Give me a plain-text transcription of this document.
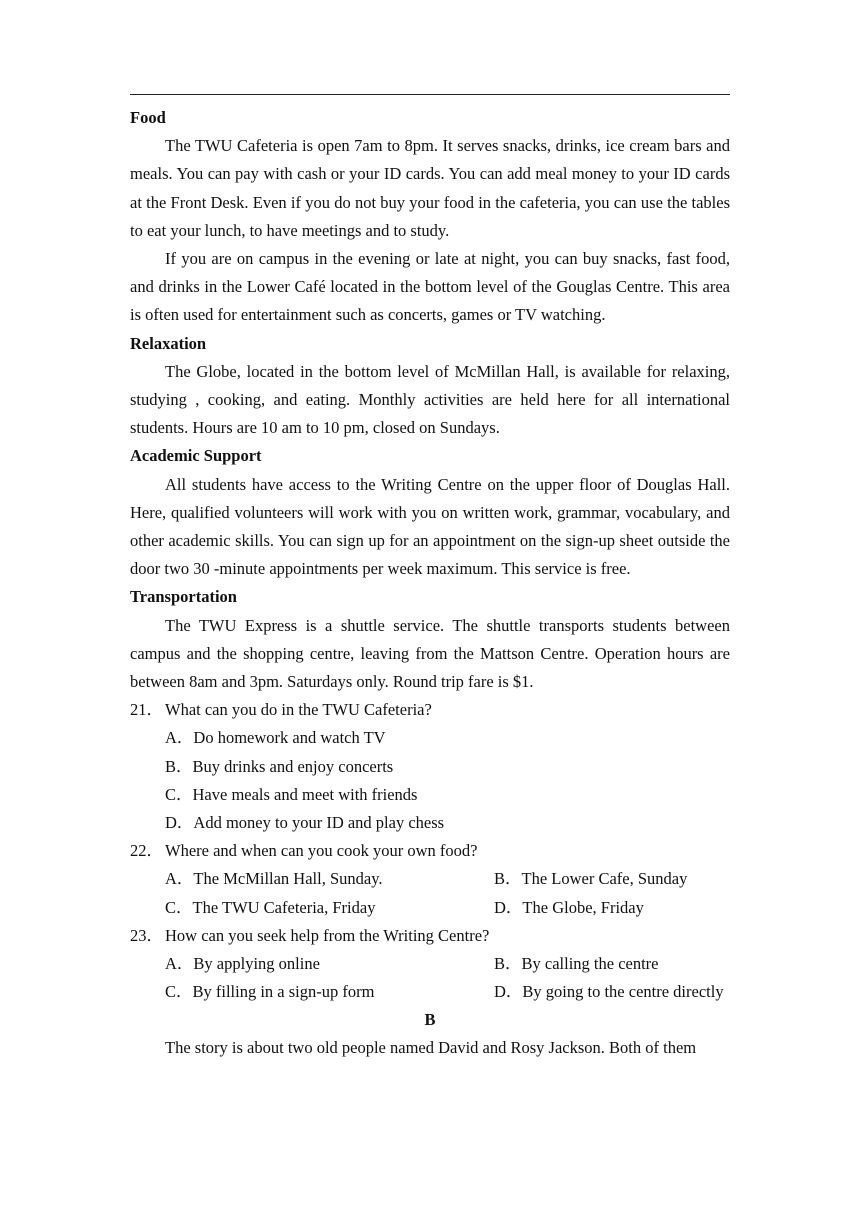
Food
The TWU Cafeteria is open 7am to 8pm. It serves snacks, drinks, ice cream bars and meals. You can pay with cash or your ID cards. You can add meal money to your ID cards at the Front Desk. Even if you do not buy your food in the cafeteria, you can use the tables to eat your lunch, to have meetings and to study.
If you are on campus in the evening or late at night, you can buy snacks, fast food, and drinks in the Lower Café located in the bottom level of the Gouglas Centre. This area is often used for entertainment such as concerts, games or TV watching.
Relaxation
The Globe, located in the bottom level of McMillan Hall, is available for relaxing, studying , cooking, and eating. Monthly activities are held here for all international students. Hours are 10 am to 10 pm, closed on Sundays.
Academic Support
All students have access to the Writing Centre on the upper floor of Douglas Hall. Here, qualified volunteers will work with you on written work, grammar, vocabulary, and other academic skills. You can sign up for an appointment on the sign-up sheet outside the door two 30 -minute appointments per week maximum. This service is free.
Transportation
The TWU Express is a shuttle service. The shuttle transports students between campus and the shopping centre, leaving from the Mattson Centre. Operation hours are between 8am and 3pm. Saturdays only. Round trip fare is $1.
21． What can you do in the TWU Cafeteria?
A．Do homework and watch TV
B．Buy drinks and enjoy concerts
C．Have meals and meet with friends
D．Add money to your ID and play chess
22． Where and when can you cook your own food?
A．The McMillan Hall, Sunday.	B．The Lower Cafe, Sunday
C．The TWU Cafeteria, Friday	D．The Globe, Friday
23． How can you seek help from the Writing Centre?
A．By applying online	B．By calling the centre
C．By filling in a sign-up form	D．By going to the centre directly
B
The story is about two old people named David and Rosy Jackson. Both of them
